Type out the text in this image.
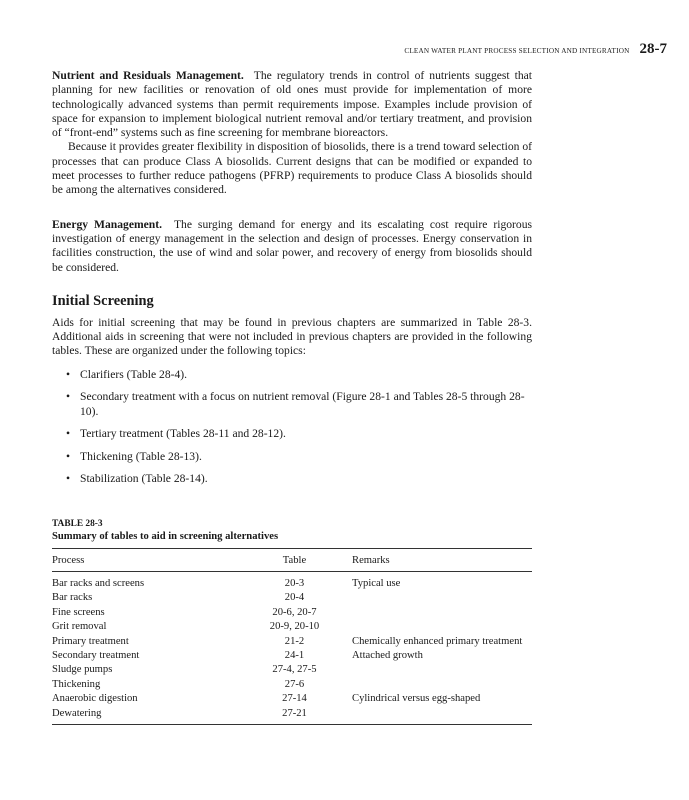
CLEAN WATER PLANT PROCESS SELECTION AND INTEGRATION 28-7

Nutrient and Residuals Management. The regulatory trends in control of nutrients suggest that planning for new facilities or renovation of old ones must provide for implementation of more technologically advanced systems than permit requirements impose. Examples include provision of space for expansion to implement biological nutrient removal and/or tertiary treatment, and provision of “front-end” systems such as fine screening for membrane bioreactors.

Because it provides greater flexibility in disposition of biosolids, there is a trend toward selection of processes that can produce Class A biosolids. Current designs that can be modified or expanded to meet processes to further reduce pathogens (PFRP) requirements to produce Class A biosolids should be among the alternatives considered.

Energy Management. The surging demand for energy and its escalating cost require rigorous investigation of energy management in the selection and design of processes. Energy conservation in facilities construction, the use of wind and solar power, and recovery of energy from biosolids should be considered.

Initial Screening

Aids for initial screening that may be found in previous chapters are summarized in Table 28-3. Additional aids in screening that were not included in previous chapters are provided in the following tables. These are organized under the following topics:

• Clarifiers (Table 28-4).
• Secondary treatment with a focus on nutrient removal (Figure 28-1 and Tables 28-5 through 28-10).
• Tertiary treatment (Tables 28-11 and 28-12).
• Thickening (Table 28-13).
• Stabilization (Table 28-14).
TABLE 28-3
Summary of tables to aid in screening alternatives
Process	Table	Remarks
Bar racks and screens	20-3	Typical use
Bar racks	20-4	
Fine screens	20-6, 20-7	
Grit removal	20-9, 20-10	
Primary treatment	21-2	Chemically enhanced primary treatment
Secondary treatment	24-1	Attached growth
Sludge pumps	27-4, 27-5	
Thickening	27-6	
Anaerobic digestion	27-14	Cylindrical versus egg-shaped
Dewatering	27-21	
